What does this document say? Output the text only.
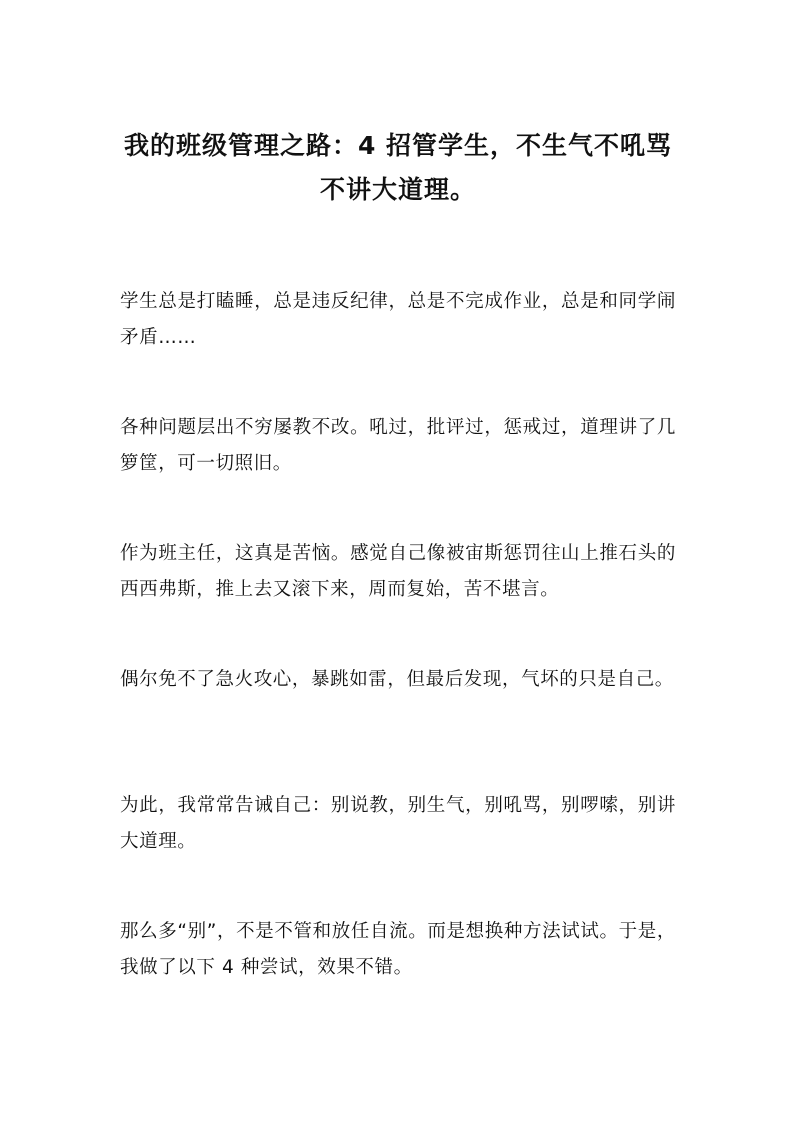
我的班级管理之路：4 招管学生，不生气不吼骂不讲大道理。

学生总是打瞌睡，总是违反纪律，总是不完成作业，总是和同学闹矛盾……

各种问题层出不穷屡教不改。吼过，批评过，惩戒过，道理讲了几箩筐，可一切照旧。

作为班主任，这真是苦恼。感觉自己像被宙斯惩罚往山上推石头的西西弗斯，推上去又滚下来，周而复始，苦不堪言。

偶尔免不了急火攻心，暴跳如雷，但最后发现，气坏的只是自己。

为此，我常常告诫自己：别说教，别生气，别吼骂，别啰嗦，别讲大道理。

那么多“别”，不是不管和放任自流。而是想换种方法试试。于是，我做了以下 4 种尝试，效果不错。
